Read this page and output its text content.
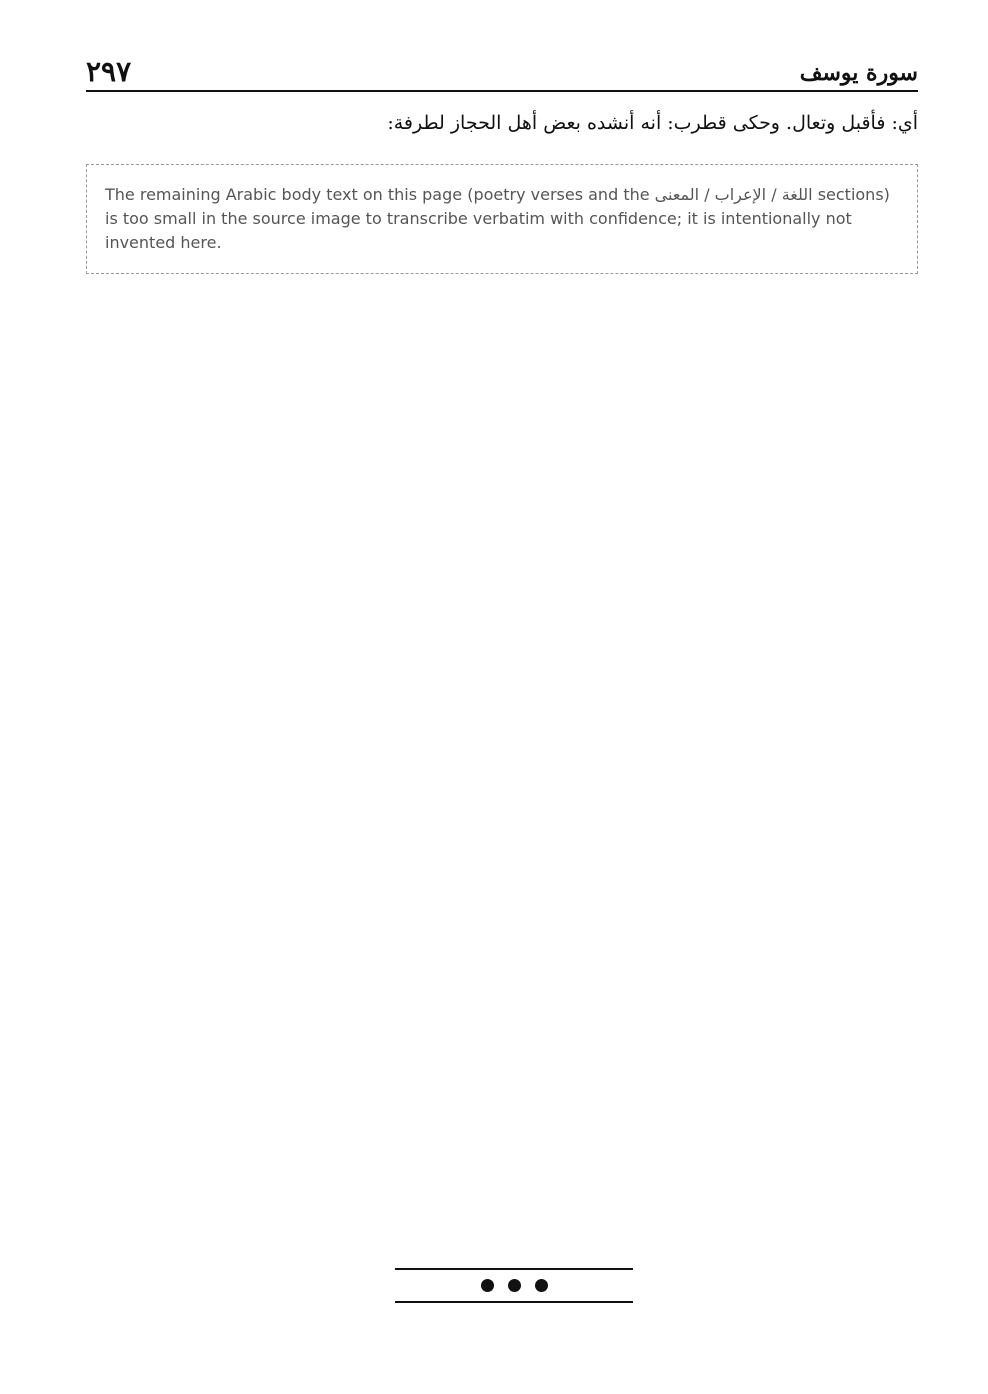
سورة يوسف
٢٩٧

أي: فأقبل وتعال. وحكى قطرب: أنه أنشده بعض أهل الحجاز لطرفة:

The remaining Arabic body text on this page (poetry verses and the اللغة / الإعراب / المعنى sections) is too small in the source image to transcribe verbatim with confidence; it is intentionally not invented here.
